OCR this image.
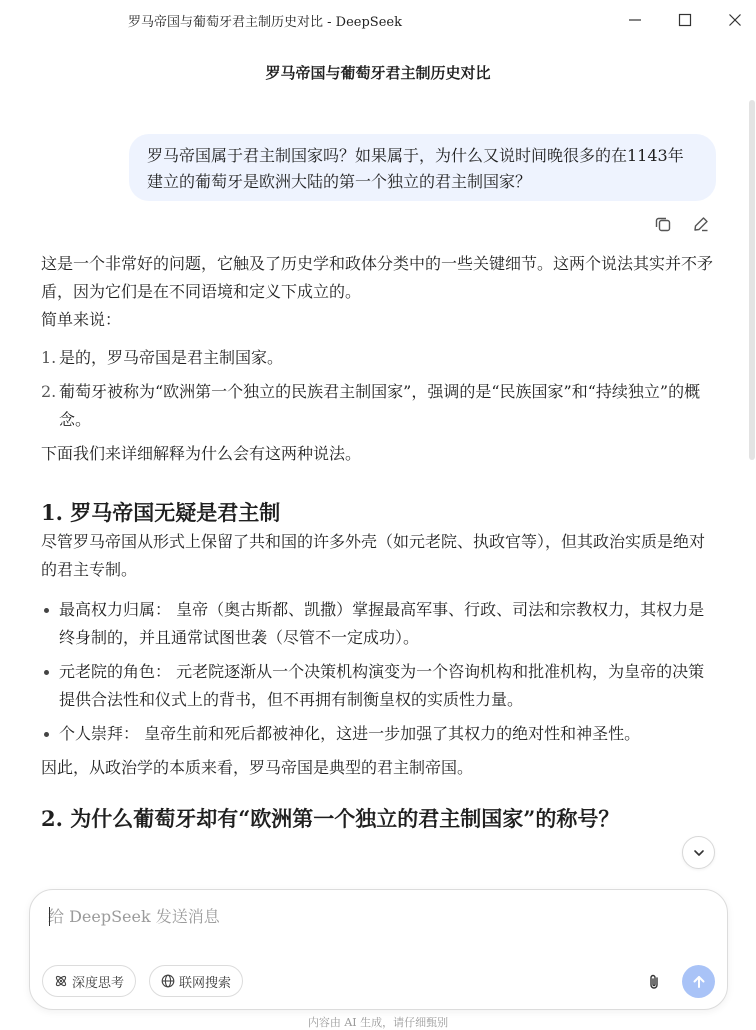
罗马帝国与葡萄牙君主制历史对比 - DeepSeek
罗马帝国与葡萄牙君主制历史对比
罗马帝国属于君主制国家吗？如果属于，为什么又说时间晚很多的在1143年建立的葡萄牙是欧洲大陆的第一个独立的君主制国家？

这是一个非常好的问题，它触及了历史学和政体分类中的一些关键细节。这两个说法其实并不矛盾，因为它们是在不同语境和定义下成立的。

简单来说：

1. 是的，罗马帝国是君主制国家。
2. 葡萄牙被称为“欧洲第一个独立的民族君主制国家”，强调的是“民族国家”和“持续独立”的概念。

下面我们来详细解释为什么会有这两种说法。

1. 罗马帝国无疑是君主制

尽管罗马帝国从形式上保留了共和国的许多外壳（如元老院、执政官等），但其政治实质是绝对的君主专制。

最高权力归属： 皇帝（奥古斯都、凯撒）掌握最高军事、行政、司法和宗教权力，其权力是终身制的，并且通常试图世袭（尽管不一定成功）。
元老院的角色： 元老院逐渐从一个决策机构演变为一个咨询机构和批准机构，为皇帝的决策提供合法性和仪式上的背书，但不再拥有制衡皇权的实质性力量。
个人崇拜： 皇帝生前和死后都被神化，这进一步加强了其权力的绝对性和神圣性。

因此，从政治学的本质来看，罗马帝国是典型的君主制帝国。

2. 为什么葡萄牙却有“欧洲第一个独立的君主制国家”的称号？
给 DeepSeek 发送消息
深度思考	联网搜索
内容由 AI 生成，请仔细甄别
